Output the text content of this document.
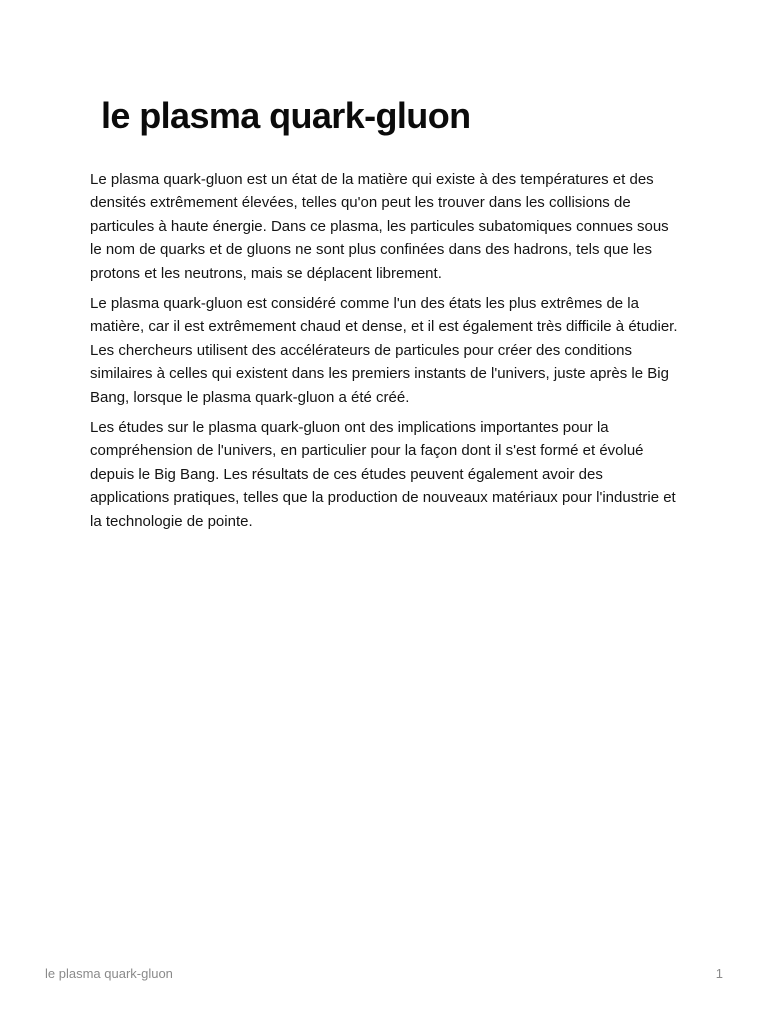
le plasma quark-gluon

Le plasma quark-gluon est un état de la matière qui existe à des températures et des densités extrêmement élevées, telles qu'on peut les trouver dans les collisions de particules à haute énergie. Dans ce plasma, les particules subatomiques connues sous le nom de quarks et de gluons ne sont plus confinées dans des hadrons, tels que les protons et les neutrons, mais se déplacent librement.

Le plasma quark-gluon est considéré comme l'un des états les plus extrêmes de la matière, car il est extrêmement chaud et dense, et il est également très difficile à étudier. Les chercheurs utilisent des accélérateurs de particules pour créer des conditions similaires à celles qui existent dans les premiers instants de l'univers, juste après le Big Bang, lorsque le plasma quark-gluon a été créé.

Les études sur le plasma quark-gluon ont des implications importantes pour la compréhension de l'univers, en particulier pour la façon dont il s'est formé et évolué depuis le Big Bang. Les résultats de ces études peuvent également avoir des applications pratiques, telles que la production de nouveaux matériaux pour l'industrie et la technologie de pointe.

le plasma quark-gluon	1
